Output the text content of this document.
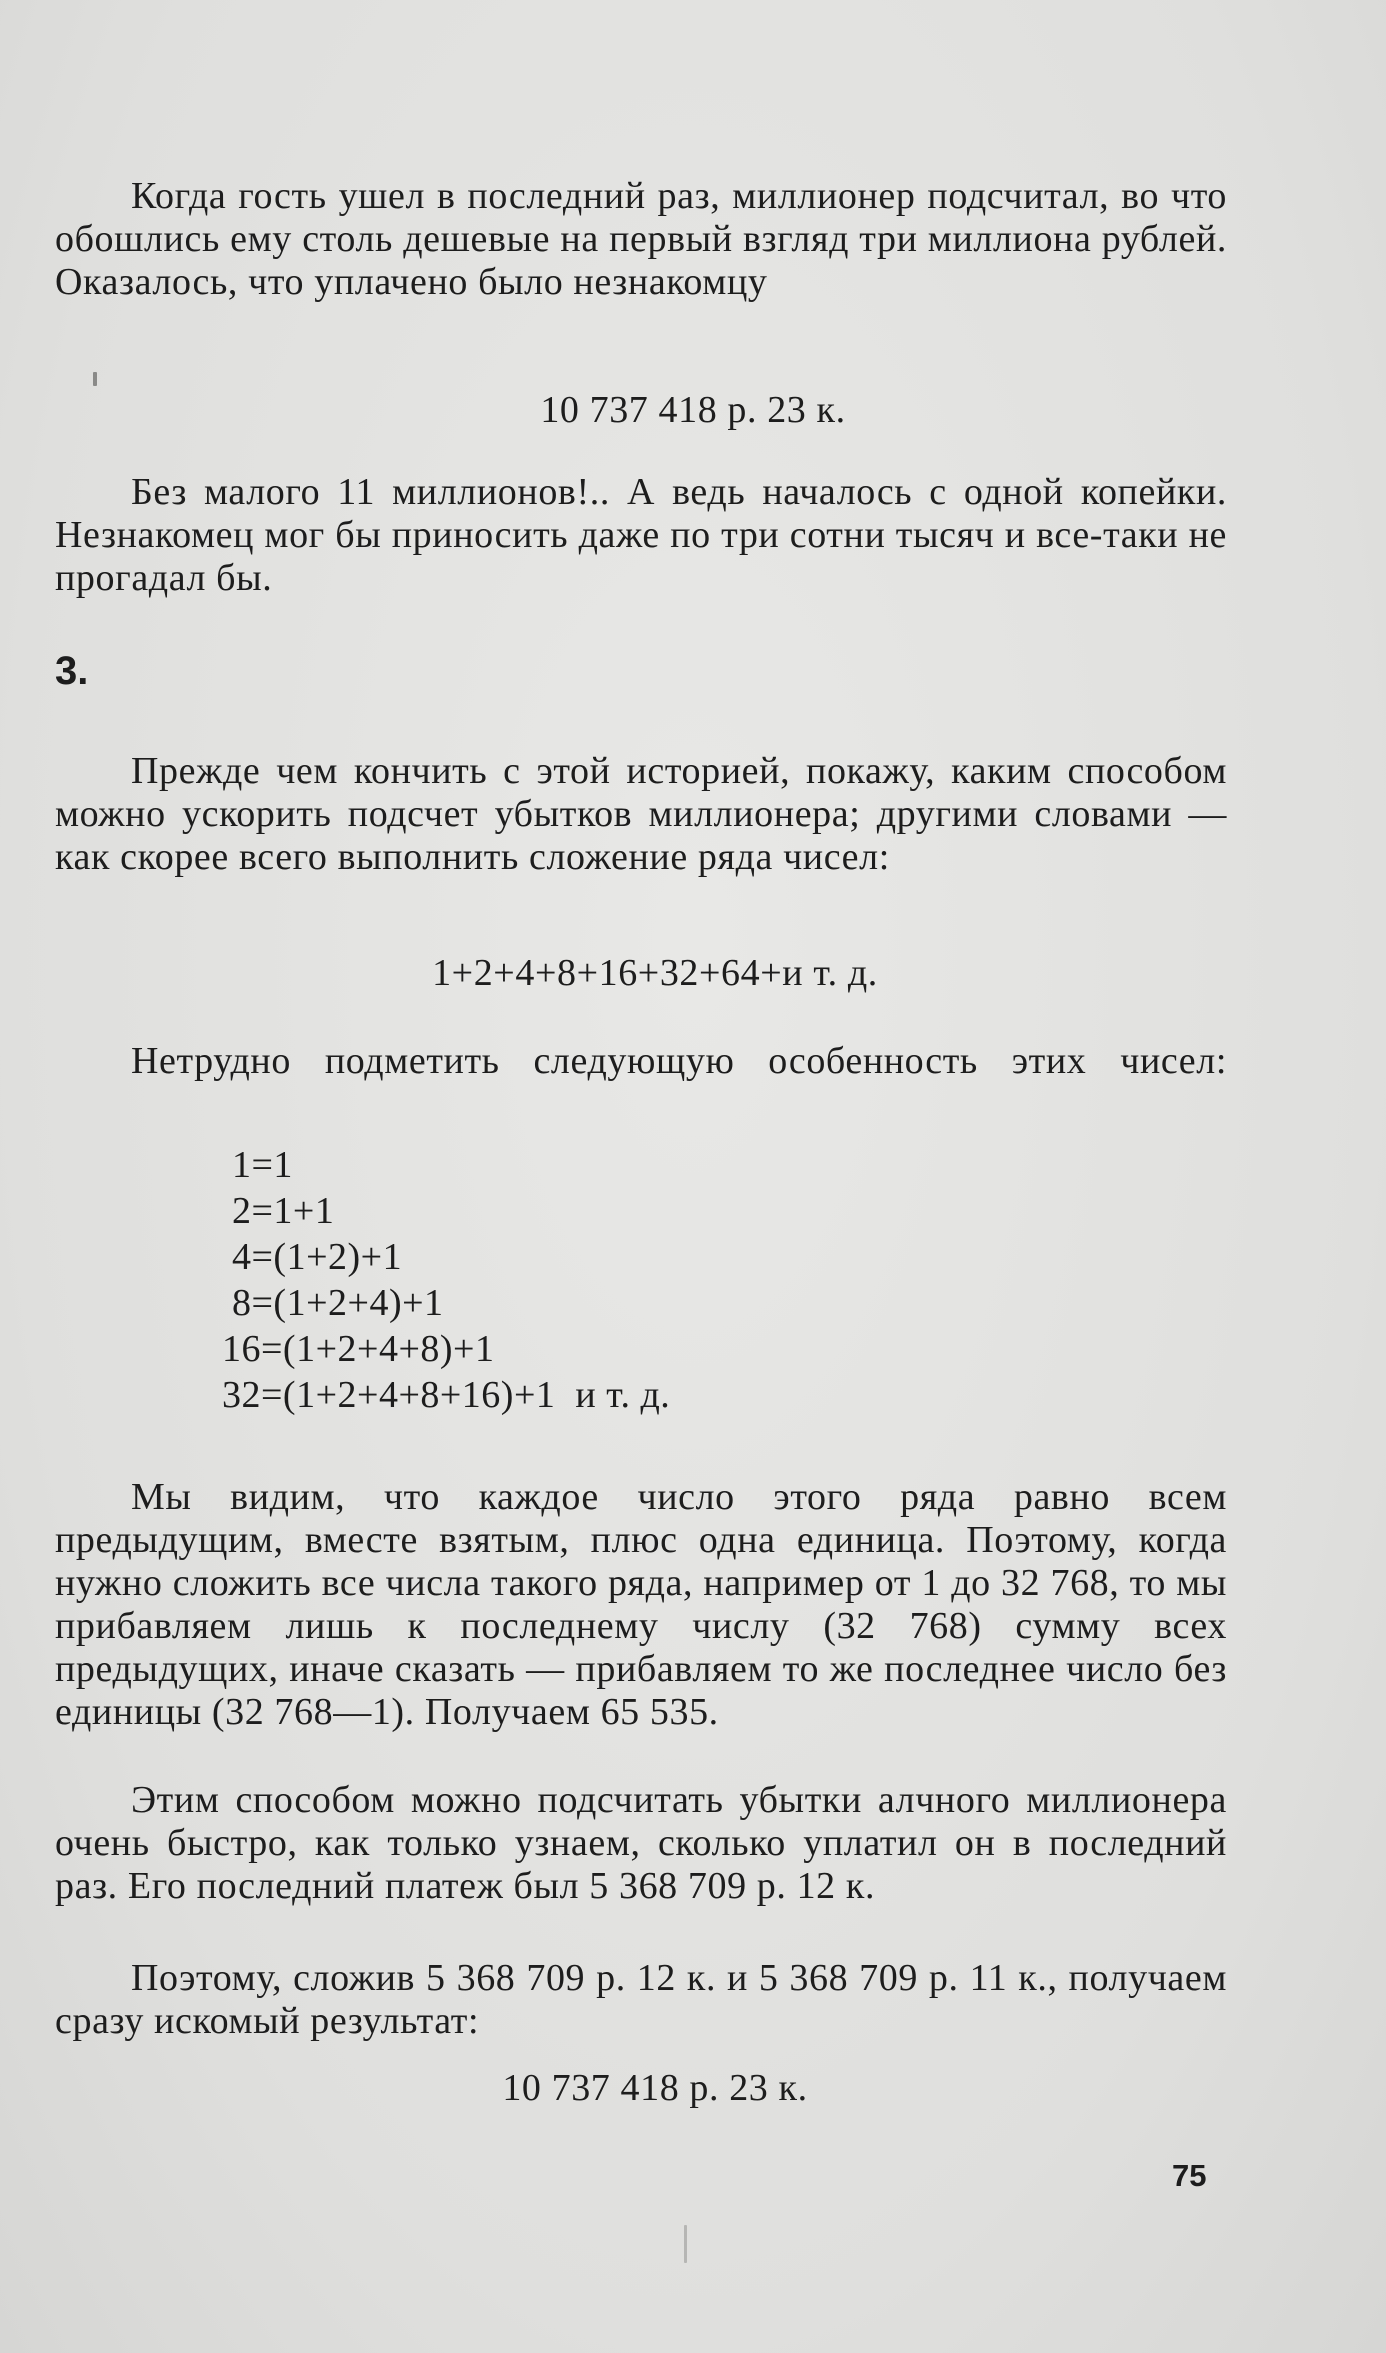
Когда гость ушел в последний раз, миллионер подсчитал, во что обошлись ему столь дешевые на первый взгляд три миллиона рублей. Оказалось, что уплачено было незнакомцу

10 737 418 р. 23 к.

Без малого 11 миллионов!.. А ведь началось с одной копейки. Незнакомец мог бы приносить даже по три сотни тысяч и все-таки не прогадал бы.

3.

Прежде чем кончить с этой историей, покажу, каким способом можно ускорить подсчет убытков миллионера; другими словами — как скорее всего выполнить сложение ряда чисел:

1+2+4+8+16+32+64+и т. д.

Нетрудно подметить следующую особенность этих чисел:

1=1
2=1+1
4=(1+2)+1
8=(1+2+4)+1
16=(1+2+4+8)+1
32=(1+2+4+8+16)+1  и т. д.

Мы видим, что каждое число этого ряда равно всем предыдущим, вместе взятым, плюс одна единица. Поэтому, когда нужно сложить все числа такого ряда, например от 1 до 32 768, то мы прибавляем лишь к последнему числу (32 768) сумму всех предыдущих, иначе сказать — прибавляем то же последнее число без единицы (32 768—1). Получаем 65 535.

Этим способом можно подсчитать убытки алчного миллионера очень быстро, как только узнаем, сколько уплатил он в последний раз. Его последний платеж был 5 368 709 р. 12 к.

Поэтому, сложив 5 368 709 р. 12 к. и 5 368 709 р. 11 к., получаем сразу искомый результат:

10 737 418 р. 23 к.
75
